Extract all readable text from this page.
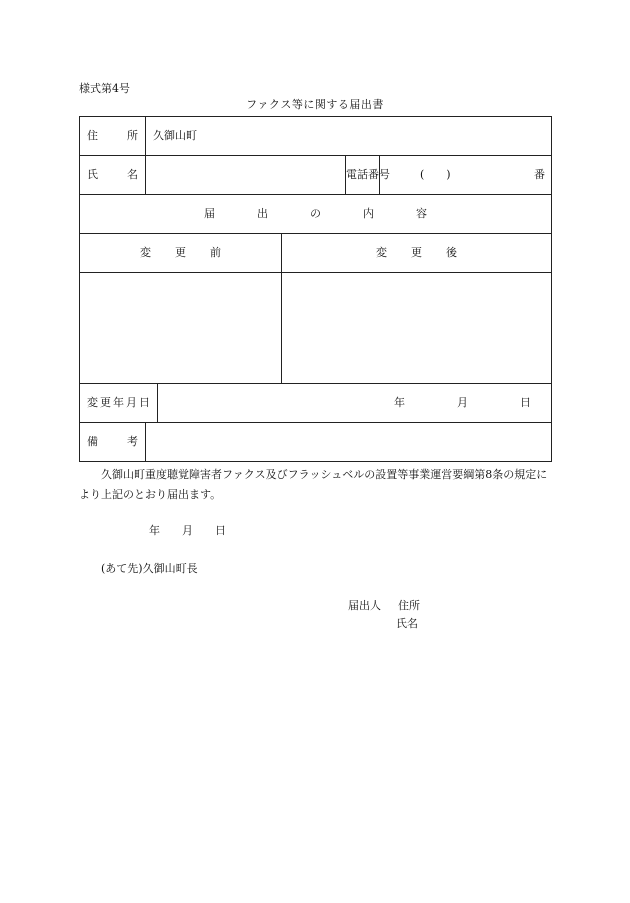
様式第4号
ファクス等に関する届出書
住 所	久御山町				

氏 名				電話番号	(　　) 番

届 出 の 内 容					

変 更 前			変 更 後		

変更年月日		年 月 日			

備 考					

久御山町重度聴覚障害者ファクス及びフラッシュベルの設置等事業運営要綱第8条の規定により上記のとおり届出ます。
年 月 日
(あて先)久御山町長
届出人 住所
氏名
